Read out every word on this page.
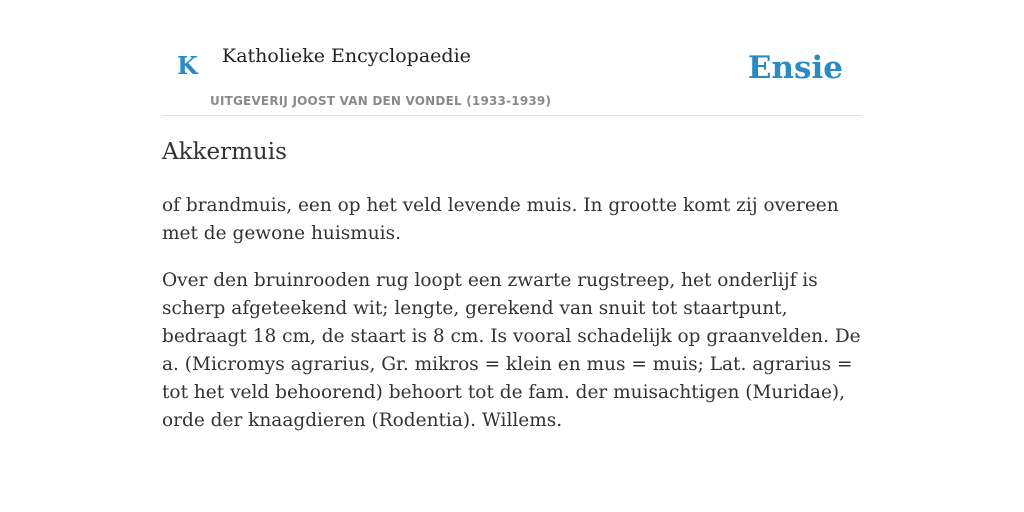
K Katholieke Encyclopaedie
UITGEVERIJ JOOST VAN DEN VONDEL (1933-1939)
Ensie
Akkermuis

of brandmuis, een op het veld levende muis. In grootte komt zij overeen met de gewone huismuis.

Over den bruinrooden rug loopt een zwarte rugstreep, het onderlijf is scherp afgeteekend wit; lengte, gerekend van snuit tot staartpunt, bedraagt 18 cm, de staart is 8 cm. Is vooral schadelijk op graanvelden. De a. (Micromys agrarius, Gr. mikros = klein en mus = muis; Lat. agrarius = tot het veld behoorend) behoort tot de fam. der muisachtigen (Muridae), orde der knaagdieren (Rodentia). Willems.
